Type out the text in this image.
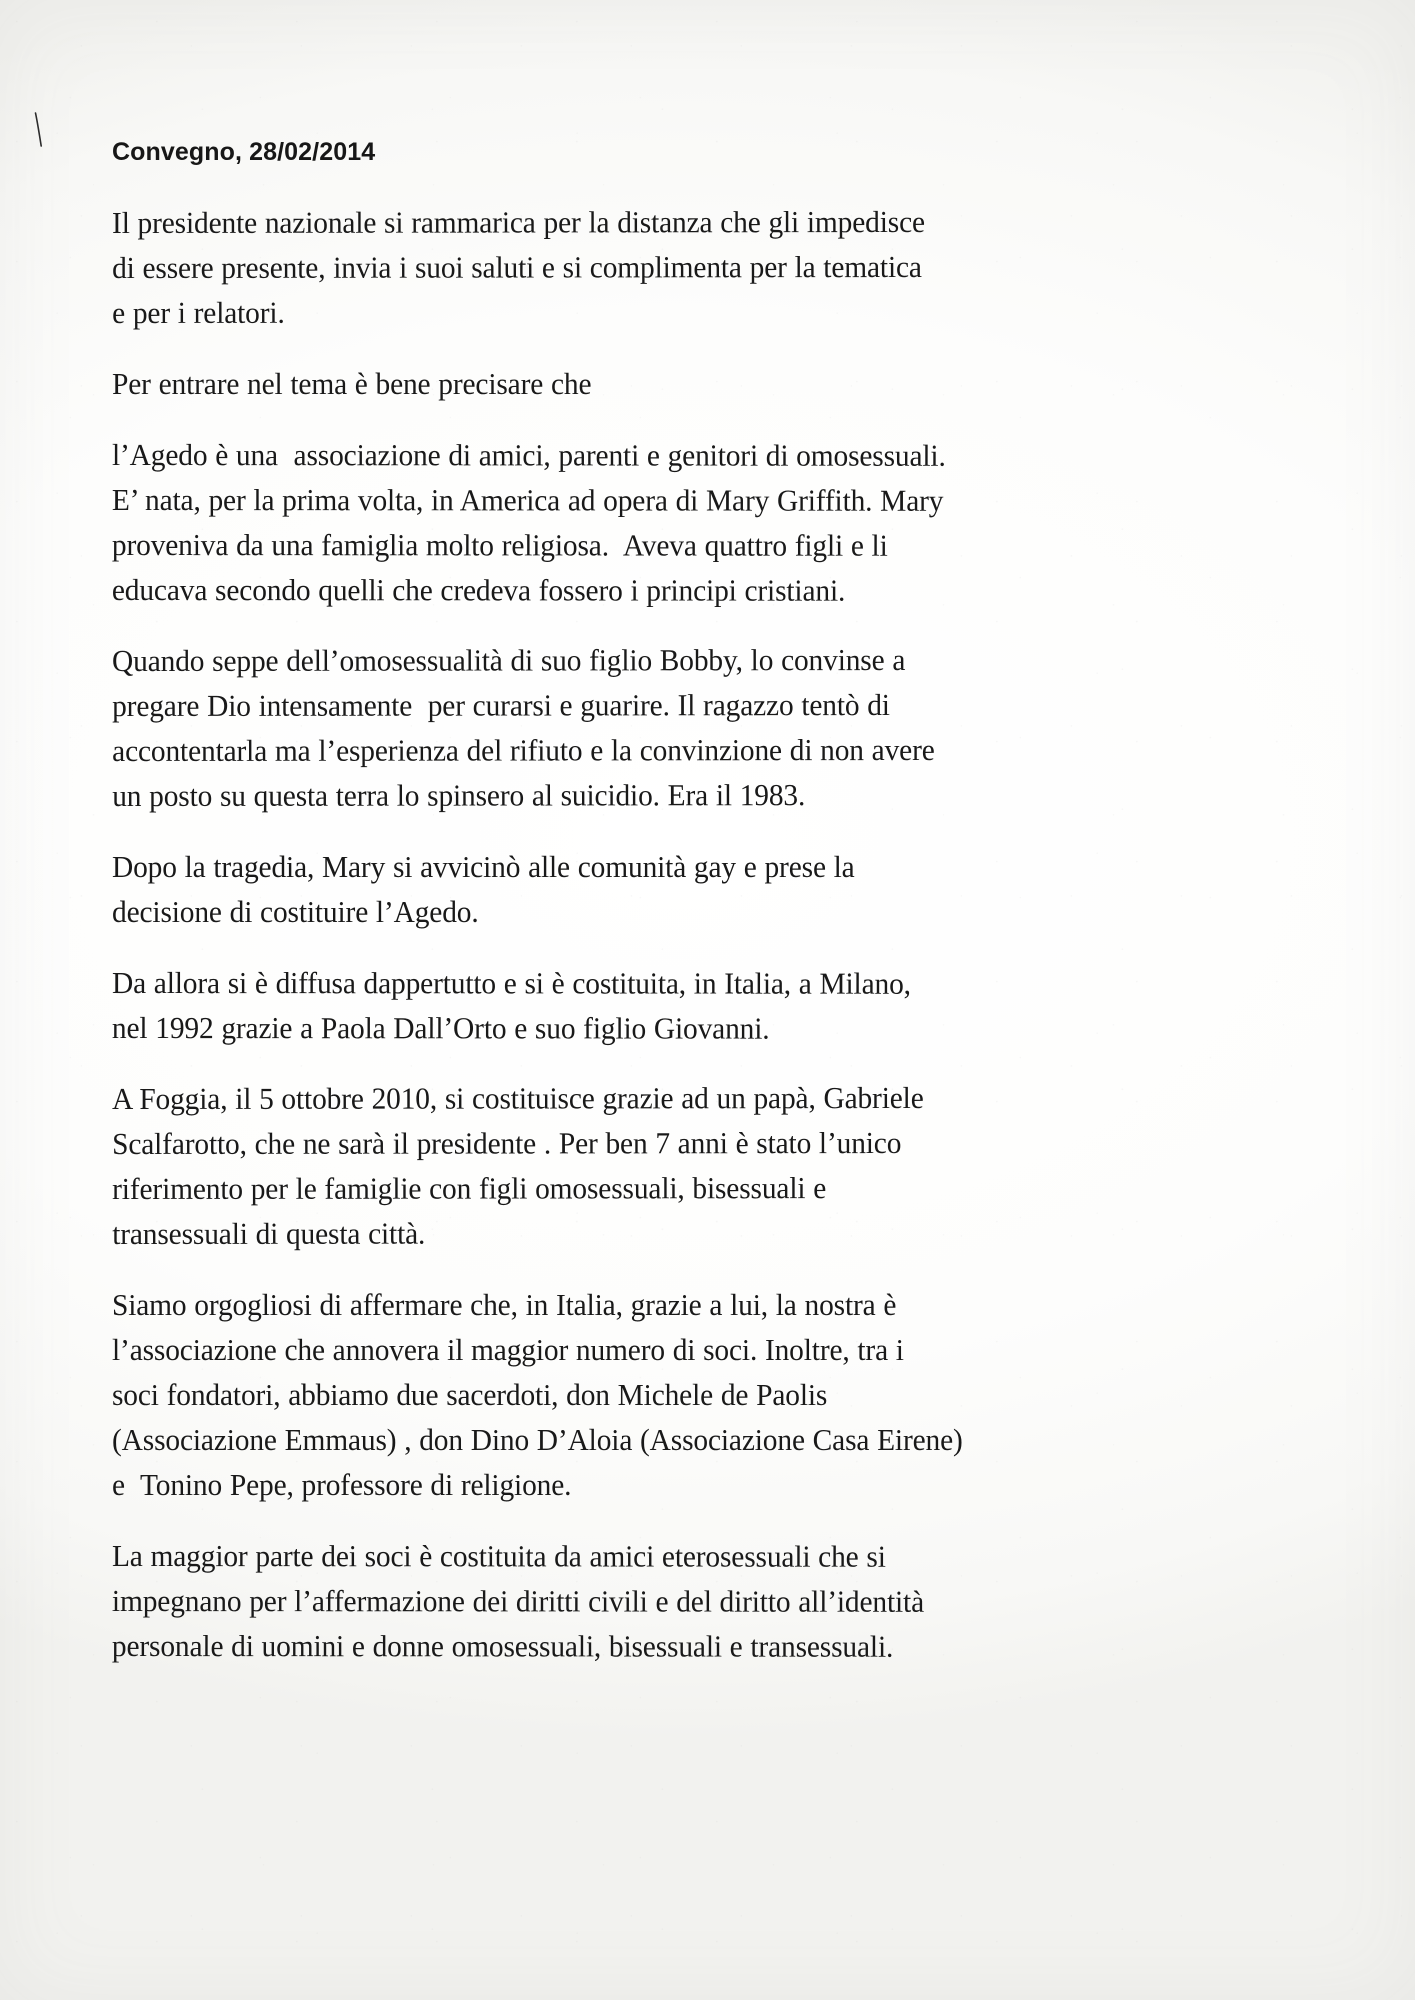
Convegno, 28/02/2014

Il presidente nazionale si rammarica per la distanza che gli impedisce
di essere presente, invia i suoi saluti e si complimenta per la tematica
e per i relatori.

Per entrare nel tema è bene precisare che

l’Agedo è una  associazione di amici, parenti e genitori di omosessuali.
E’ nata, per la prima volta, in America ad opera di Mary Griffith. Mary
proveniva da una famiglia molto religiosa.  Aveva quattro figli e li
educava secondo quelli che credeva fossero i principi cristiani.

Quando seppe dell’omosessualità di suo figlio Bobby, lo convinse a
pregare Dio intensamente  per curarsi e guarire. Il ragazzo tentò di
accontentarla ma l’esperienza del rifiuto e la convinzione di non avere
un posto su questa terra lo spinsero al suicidio. Era il 1983.

Dopo la tragedia, Mary si avvicinò alle comunità gay e prese la
decisione di costituire l’Agedo.

Da allora si è diffusa dappertutto e si è costituita, in Italia, a Milano,
nel 1992 grazie a Paola Dall’Orto e suo figlio Giovanni.

A Foggia, il 5 ottobre 2010, si costituisce grazie ad un papà, Gabriele
Scalfarotto, che ne sarà il presidente . Per ben 7 anni è stato l’unico
riferimento per le famiglie con figli omosessuali, bisessuali e
transessuali di questa città.

Siamo orgogliosi di affermare che, in Italia, grazie a lui, la nostra è
l’associazione che annovera il maggior numero di soci. Inoltre, tra i
soci fondatori, abbiamo due sacerdoti, don Michele de Paolis
(Associazione Emmaus) , don Dino D’Aloia (Associazione Casa Eirene)
e  Tonino Pepe, professore di religione.

La maggior parte dei soci è costituita da amici eterosessuali che si
impegnano per l’affermazione dei diritti civili e del diritto all’identità
personale di uomini e donne omosessuali, bisessuali e transessuali.
